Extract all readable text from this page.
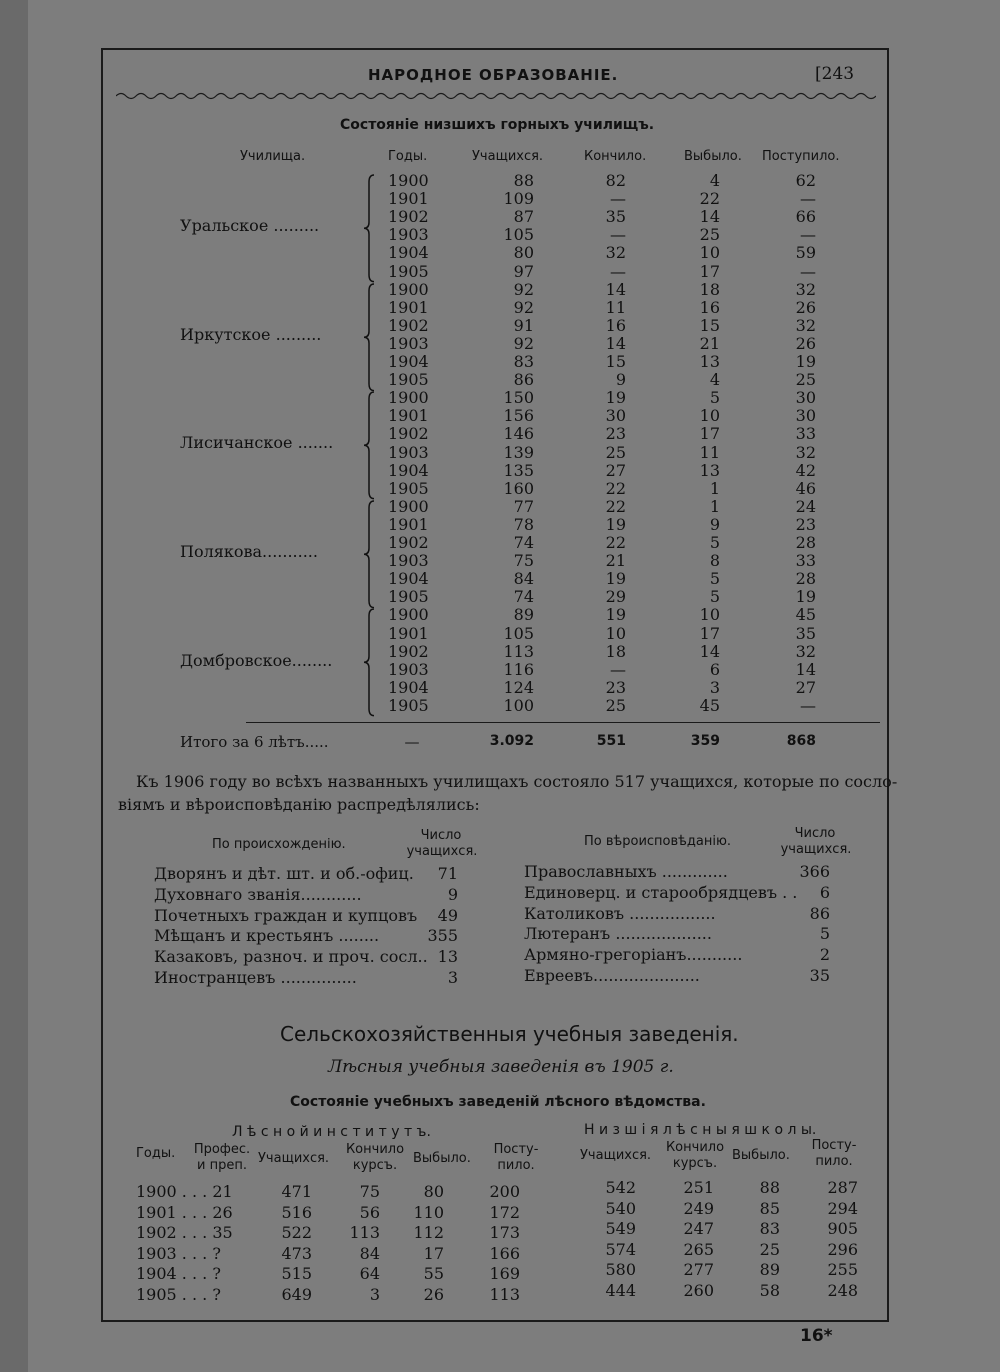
НАРОДНОЕ ОБРАЗОВАНІЕ.	[243
Состояніе низшихъ горныхъ училищъ.
Училища.	Годы.	Учащихся.	Кончило.	Выбыло. Поступило.
Уральское .........
1900	88	82	4	62
1901	109	—	22	—
1902	87	35	14	66
1903	105	—	25	—
1904	80	32	10	59
1905	97	—	17	—
Иркутское .........
1900	92	14	18	32
1901	92	11	16	26
1902	91	16	15	32
1903	92	14	21	26
1904	83	15	13	19
1905	86	9	4	25
Лисичанское .......
1900	150	19	5	30
1901	156	30	10	30
1902	146	23	17	33
1903	139	25	11	32
1904	135	27	13	42
1905	160	22	1	46
Полякова...........
1900	77	22	1	24
1901	78	19	9	23
1902	74	22	5	28
1903	75	21	8	33
1904	84	19	5	28
1905	74	29	5	19
Домбровское........
1900	89	19	10	45
1901	105	10	17	35
1902	113	18	14	32
1903	116	—	6	14
1904	124	23	3	27
1905	100	25	45	—
Итого за 6 лѣтъ.....	—	3.092	551	359	868
Къ 1906 году во всѣхъ названныхъ училищахъ состояло 517 учащихся, которые по сосло-
віямъ и вѣроисповѣданію распредѣлялись:
По происхожденію.
Число
учащихся.
Дворянъ и дѣт. шт. и об.-офиц.	71
Духовнаго званія............	9
Почетныхъ граждан и купцовъ	49
Мѣщанъ и крестьянъ ........	355
Казаковъ, разноч. и проч. сосл.. 13
Иностранцевъ ...............	3
По вѣроисповѣданію.
Число
учащихся.
Православныхъ .............	366
Единоверц. и старообрядцевъ . .	6
Католиковъ .................	86
Лютеранъ ...................	5
Армяно-грегоріанъ...........	2
Евреевъ.....................	35
Сельскохозяйственныя учебныя заведенія.
Лѣсныя учебныя заведенія въ 1905 г.
Состояніе учебныхъ заведеній лѣсного вѣдомства.
Л ѣ с н о й и н с т и т у т ъ.	Н и з ш і я л ѣ с н ы я ш к о л ы.
Годы. Профес.
и преп. Учащихся.
Кончило
курсъ.	Выбыло.
Посту-
пило.
Учащихся.
Кончило
курсъ.
Выбыло.
Посту-
пило.
1900 . . . 21	471	75	80	200	542	251	88	287
1901 . . . 26	516	56	110	172	540	249	85	294
1902 . . . 35	522	113	112	173	549	247	83	905
1903 . . . ?	473	84	17	166	574	265	25	296
1904 . . . ?	515	64	55	169	580	277	89	255
1905 . . . ?	649	3	26	113	444	260	58	248
16*
